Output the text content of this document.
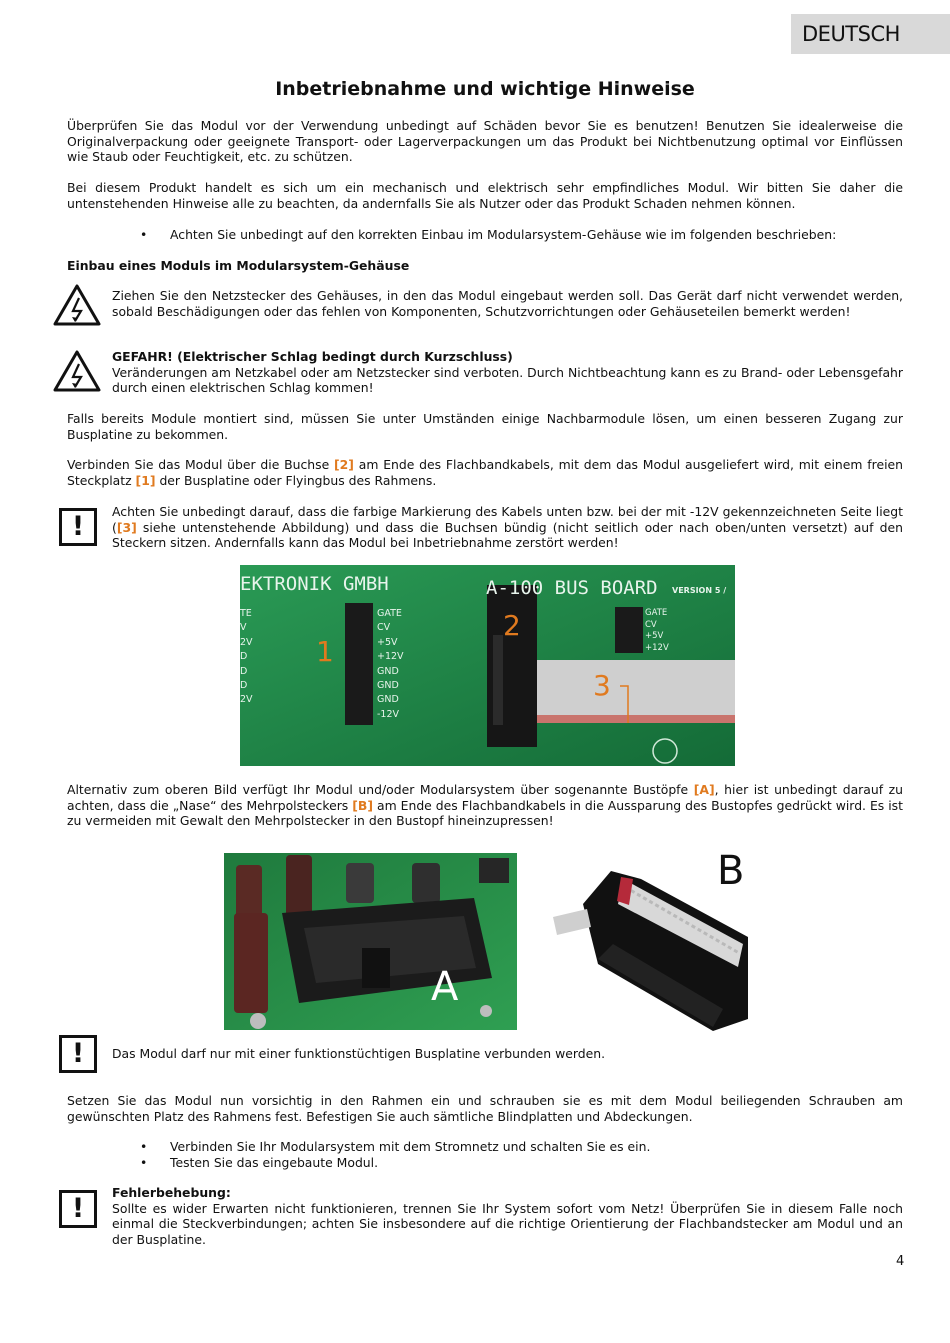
DEUTSCH
Inbetriebnahme und wichtige Hinweise

Überprüfen Sie das Modul vor der Verwendung unbedingt auf Schäden bevor Sie es benutzen! Benutzen Sie idealerweise die Originalverpackung oder geeignete Transport- oder Lagerverpackungen um das Produkt bei Nichtbenutzung optimal vor Einflüssen wie Staub oder Feuchtigkeit, etc. zu schützen.

Bei diesem Produkt handelt es sich um ein mechanisch und elektrisch sehr empfindliches Modul. Wir bitten Sie daher die untenstehenden Hinweise alle zu beachten, da andernfalls Sie als Nutzer oder das Produkt Schaden nehmen können.

• Achten Sie unbedingt auf den korrekten Einbau im Modularsystem-Gehäuse wie im folgenden beschrieben:

Einbau eines Moduls im Modularsystem-Gehäuse

Ziehen Sie den Netzstecker des Gehäuses, in den das Modul eingebaut werden soll. Das Gerät darf nicht verwendet werden, sobald Beschädigungen oder das fehlen von Komponenten, Schutzvorrichtungen oder Gehäuseteilen bemerkt werden!

GEFAHR! (Elektrischer Schlag bedingt durch Kurzschluss)
Veränderungen am Netzkabel oder am Netzstecker sind verboten. Durch Nichtbeachtung kann es zu Brand- oder Lebensgefahr durch einen elektrischen Schlag kommen!

Falls bereits Module montiert sind, müssen Sie unter Umständen einige Nachbarmodule lösen, um einen besseren Zugang zur Busplatine zu bekommen.

Verbinden Sie das Modul über die Buchse [2] am Ende des Flachbandkabels, mit dem das Modul ausgeliefert wird, mit einem freien Steckplatz [1] der Busplatine oder Flyingbus des Rahmens.

!	Achten Sie unbedingt darauf, dass die farbige Markierung des Kabels unten bzw. bei der mit -12V gekennzeichneten Seite liegt ([3] siehe untenstehende Abbildung) und dass die Buchsen bündig (nicht seitlich oder nach oben/unten versetzt) auf den Steckern sitzen. Andernfalls kann das Modul bei Inbetriebnahme zerstört werden!

EKTRONIK GMBH	A-100 BUS BOARD VERSION 5 /
GATE
CV
+5V
+12V
GND
GND
GND
-12V
GATE
CV
+5V
+12V
TE
V
2V
D
D
D
2V
1
2
3

Alternativ zum oberen Bild verfügt Ihr Modul und/oder Modularsystem über sogenannte Bustöpfe [A], hier ist unbedingt darauf zu achten, dass die „Nase“ des Mehrpolsteckers [B] am Ende des Flachbandkabels in die Aussparung des Bustopfes gedrückt wird. Es ist zu vermeiden mit Gewalt den Mehrpolstecker in den Bustopf hineinzupressen!

A
B
!	Das Modul darf nur mit einer funktionstüchtigen Busplatine verbunden werden.

Setzen Sie das Modul nun vorsichtig in den Rahmen ein und schrauben sie es mit dem Modul beiliegenden Schrauben am gewünschten Platz des Rahmens fest. Befestigen Sie auch sämtliche Blindplatten und Abdeckungen.

• Verbinden Sie Ihr Modularsystem mit dem Stromnetz und schalten Sie es ein.
• Testen Sie das eingebaute Modul.
!
Fehlerbehebung:
Sollte es wider Erwarten nicht funktionieren, trennen Sie Ihr System sofort vom Netz! Überprüfen Sie in diesem Falle noch einmal die Steckverbindungen; achten Sie insbesondere auf die richtige Orientierung der Flachbandstecker am Modul und an der Busplatine.
4
